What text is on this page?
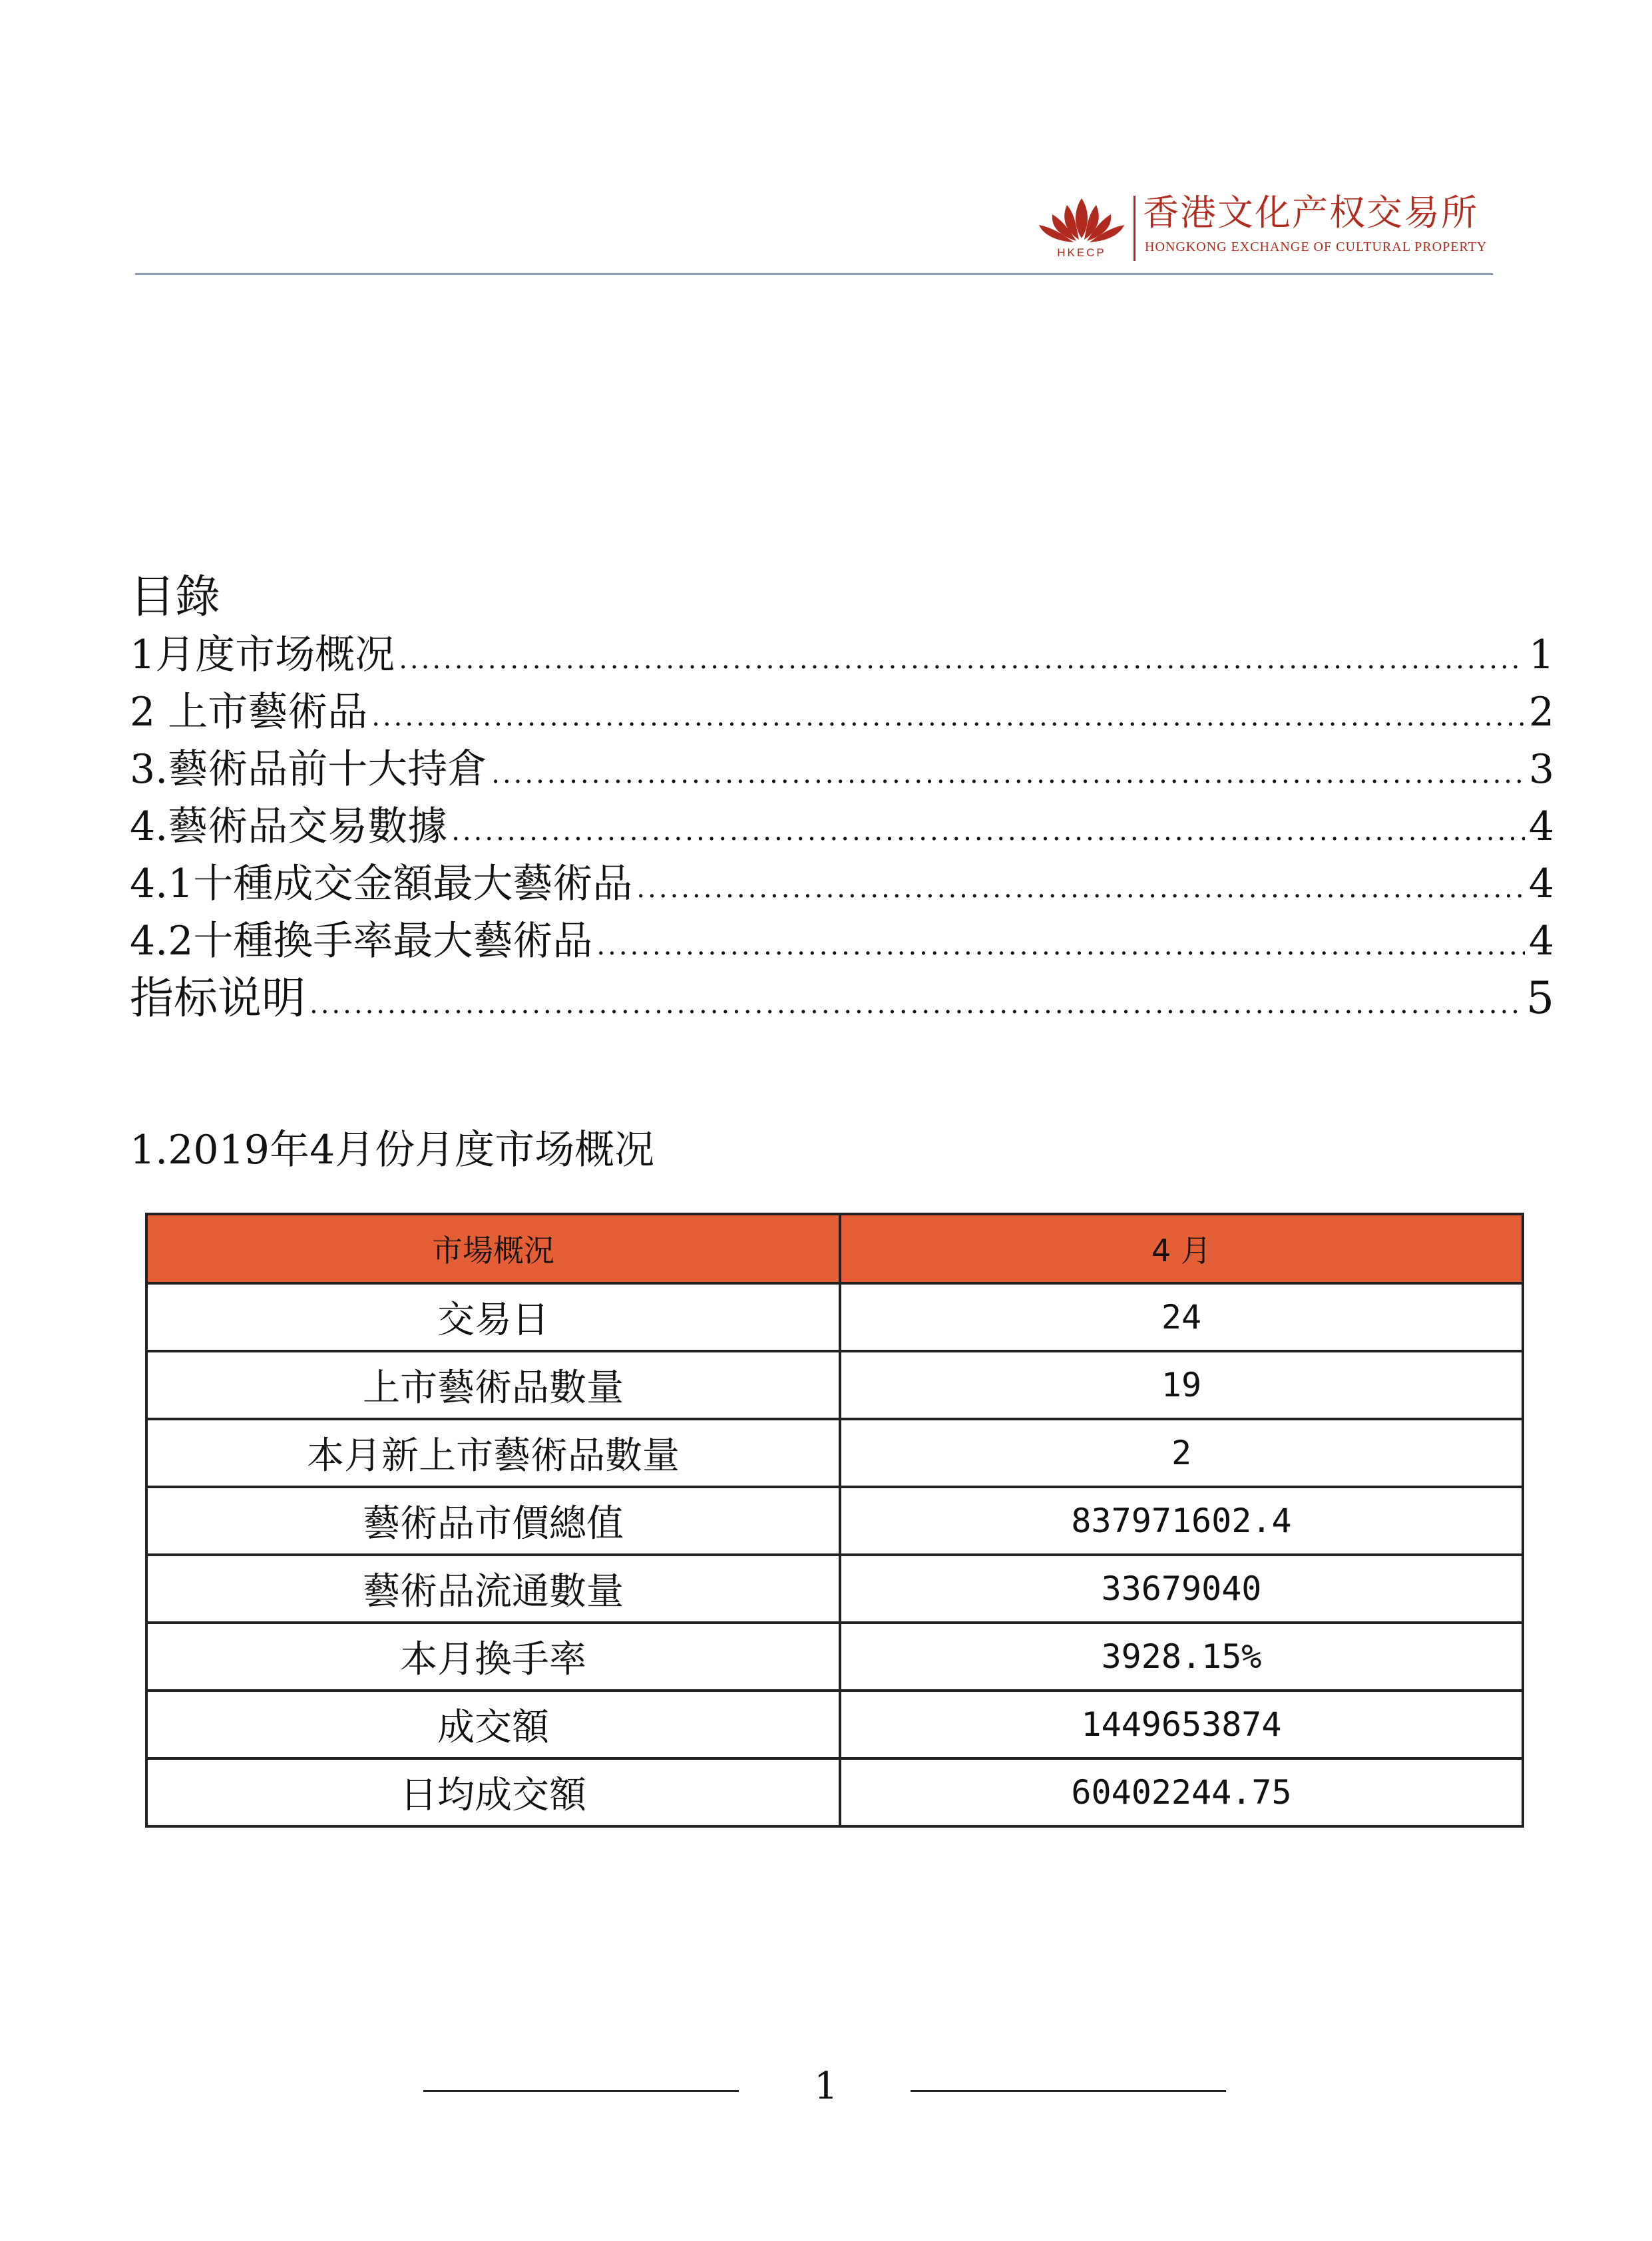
HKECP
香港文化产权交易所
HONGKONG EXCHANGE OF CULTURAL PROPERTY
目錄
1月度市场概况 .....	1
2 上市藝術品 .....	2
3.藝術品前十大持倉 .....	3
4.藝術品交易數據 .....	4
4.1十種成交金額最大藝術品 .....	4
4.2十種換手率最大藝術品 .....	4
指标说明 .....	5
1.2019年4月份月度市场概况
市場概況	4 月
交易日	24
上市藝術品數量	19
本月新上市藝術品數量	2
藝術品市價總值	837971602.4
藝術品流通數量	33679040
本月換手率	3928.15%
成交額	1449653874
日均成交額	60402244.75
1
